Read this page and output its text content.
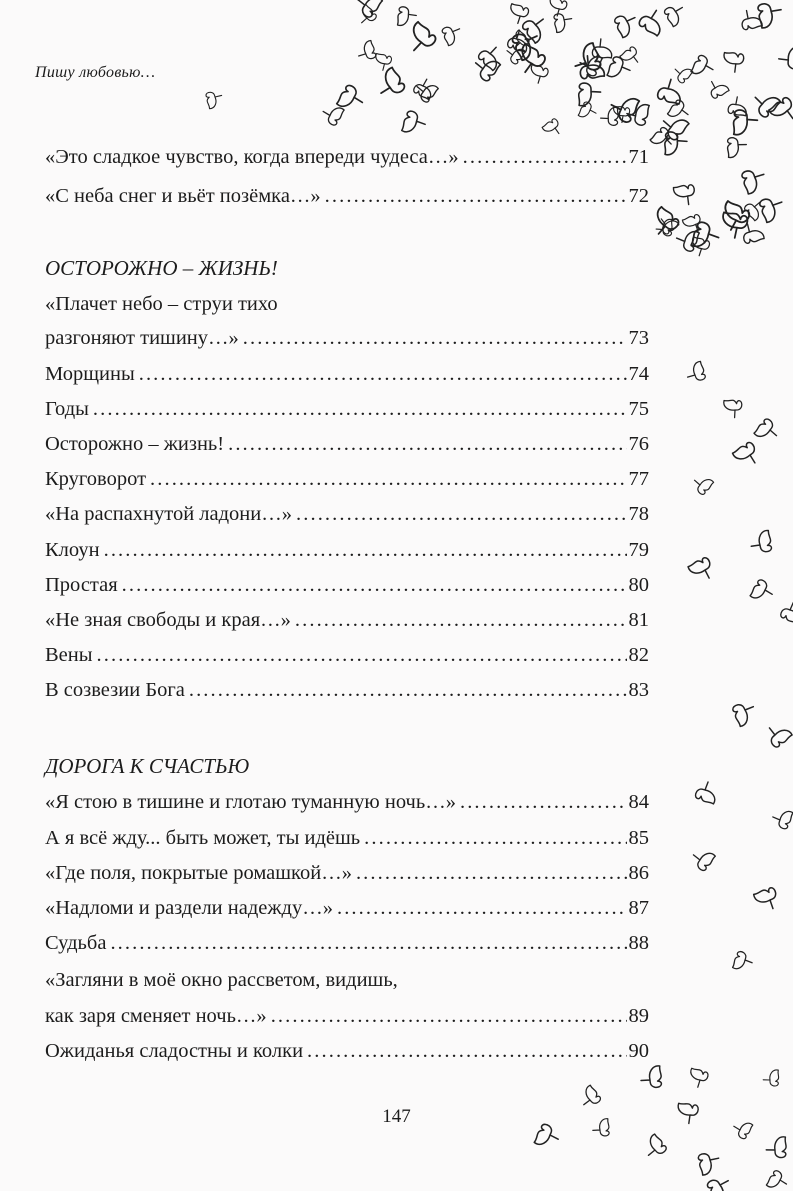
Пишу любовью…
«Это сладкое чувство, когда впереди чудеса…» .....	71
«С неба снег и вьёт позёмка…» .....	72
ОСТОРОЖНО – ЖИЗНЬ!
«Плачет небо – струи тихо
разгоняют тишину…» .....	73
Морщины .....	74
Годы .....	75
Осторожно – жизнь! .....	76
Круговорот .....	77
«На распахнутой ладони…» .....	78
Клоун .....	79
Простая .....	80
«Не зная свободы и края…» .....	81
Вены .....	82
В созвезии Бога .....	83
ДОРОГА К СЧАСТЬЮ
«Я стою в тишине и глотаю туманную ночь…» .....	84
А я всё жду... быть может, ты идёшь .....	85
«Где поля, покрытые ромашкой…» .....	86
«Надломи и раздели надежду…» .....	87
Судьба .....	88
«Загляни в моё окно рассветом, видишь,
как заря сменяет ночь…» .....	89
Ожиданья сладостны и колки .....	90
147
